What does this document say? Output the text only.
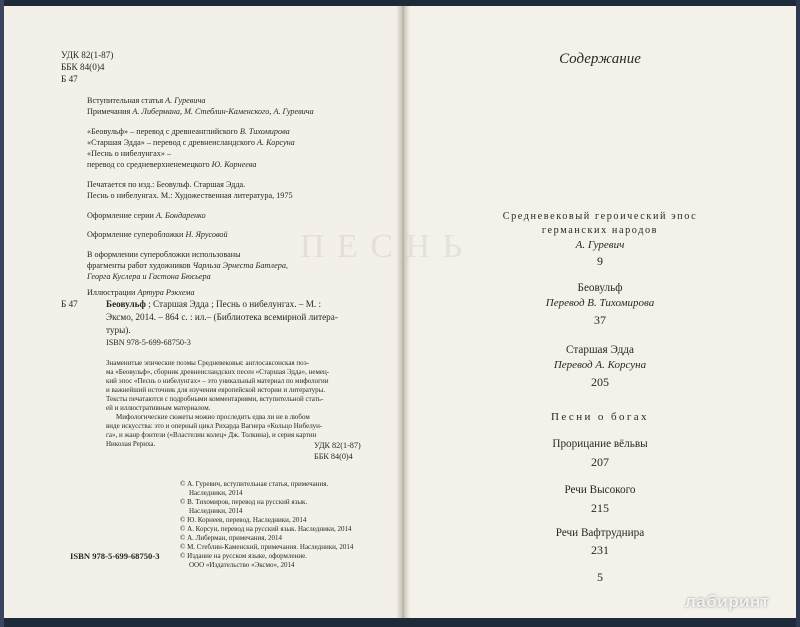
П Е С Н Ь
УДК 82(1-87)
ББК 84(0)4
Б 47
Вступительная статья А. Гуревича
Примечания А. Либермана, М. Стеблин-Каменского, А. Гуревича
«Беовульф» – перевод с древнеанглийского В. Тихомирова
«Старшая Эдда» – перевод с древнеисландского А. Корсуна
«Песнь о нибелунгах» –
перевод со средневерхненемецкого Ю. Корнеева
Печатается по изд.: Беовульф. Старшая Эдда.
Песнь о нибелунгах. М.: Художественная литература, 1975
Оформление серии А. Бондаренко
Оформление суперобложки Н. Ярусовой
В оформлении суперобложки использованы
фрагменты работ художников Чарльза Эрнеста Батлера,
Георга Куслера и Гастона Бюсьера
Иллюстрации Артура Рэкхема
Б 47	Беовульф ; Старшая Эдда ; Песнь о нибелунгах. – М. :
Эксмо, 2014. – 864 с. : ил.– (Библиотека всемирной литера-
туры).
ISBN 978-5-699-68750-3
Знаменитые эпические поэмы Средневековья: англосаксонская поэ-
ма «Беовульф», сборник древнеисландских песен «Старшая Эдда», немец-
кий эпос «Песнь о нибелунгах» – это уникальный материал по мифологии
и важнейший источник для изучения европейской истории и литературы.
Тексты печатаются с подробными комментариями, вступительной стать-
ей и иллюстративным материалом.
Мифологические сюжеты можно проследить едва ли не в любом
виде искусства: это и оперный цикл Рихарда Вагнера «Кольцо Нибелун-
га», и жанр фэнтези («Властелин колец» Дж. Толкина), и серия картин
Николая Рериха.	УДК 82(1-87)
ББК 84(0)4
© А. Гуревич, вступительная статья, примечания.
Наследники, 2014
© В. Тихомиров, перевод на русский язык.
Наследники, 2014
© Ю. Корнеев, перевод. Наследники, 2014
© А. Корсун, перевод на русский язык. Наследники, 2014
© А. Либерман, примечания, 2014
© М. Стеблин-Каменский, примечания. Наследники, 2014
© Издание на русском языке, оформление.
ООО «Издательство «Эксмо», 2014
ISBN 978-5-699-68750-3
Содержание
Средневековый героический эпос
германских народов
А. Гуревич
9
Беовульф
Перевод В. Тихомирова
37
Старшая Эдда
Перевод А. Корсуна
205
Песни о богах
Прорицание вёльвы
207
Речи Высокого
215
Речи Вафтруднира
231
5
лабиринт
